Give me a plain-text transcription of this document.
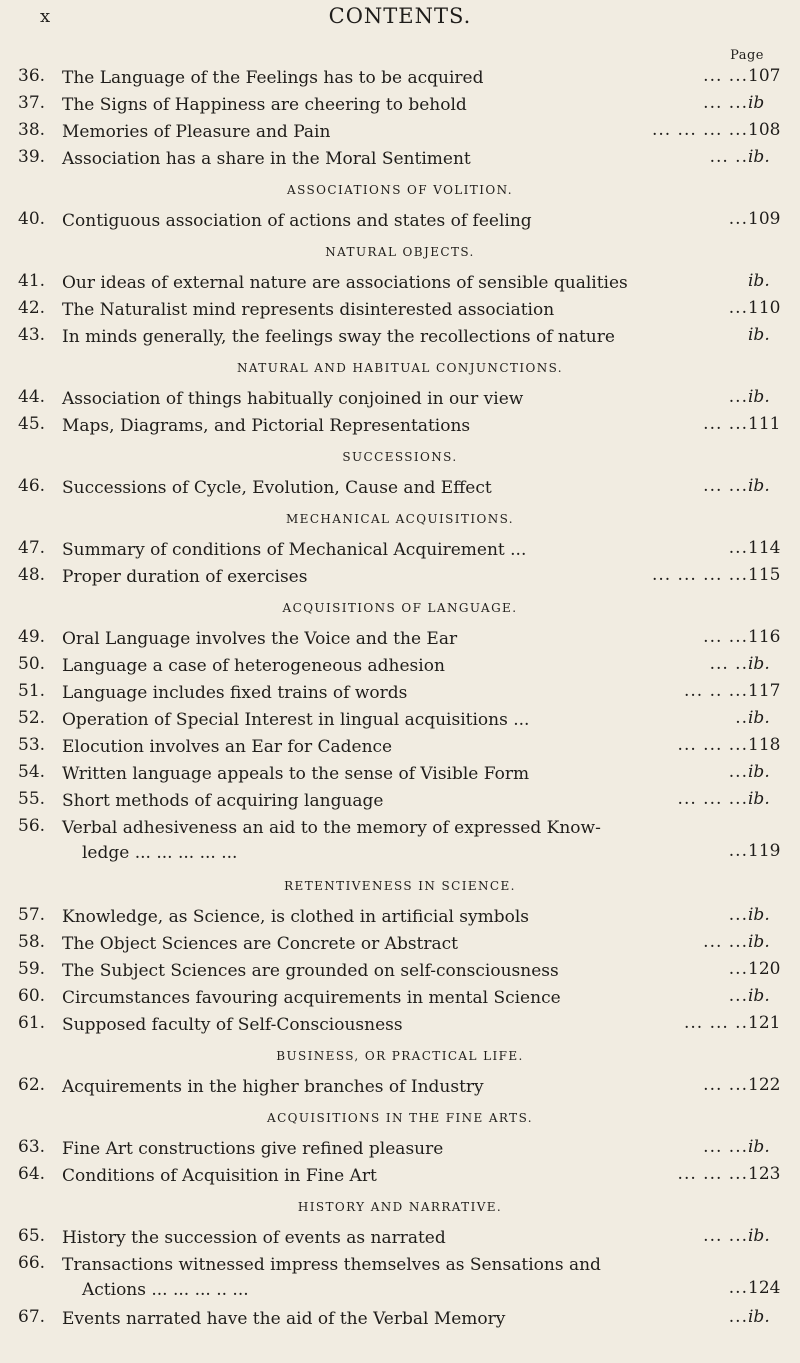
x	CONTENTS.
Page
36. The Language of the Feelings has to be acquired	... ... 107
37. The Signs of Happiness are cheering to behold	... ... ib
38. Memories of Pleasure and Pain	... ... ... ... 108
39. Association has a share in the Moral Sentiment	... .. ib.
ASSOCIATIONS OF VOLITION.
40. Contiguous association of actions and states of feeling	... 109
NATURAL OBJECTS.
41. Our ideas of external nature are associations of sensible qualities	ib.
42. The Naturalist mind represents disinterested association	... 110
43. In minds generally, the feelings sway the recollections of nature	ib.
NATURAL AND HABITUAL CONJUNCTIONS.
44. Association of things habitually conjoined in our view	... ib.
45. Maps, Diagrams, and Pictorial Representations	... ... 111
SUCCESSIONS.
46. Successions of Cycle, Evolution, Cause and Effect	... ... ib.
MECHANICAL ACQUISITIONS.
47. Summary of conditions of Mechanical Acquirement ...	... 114
48. Proper duration of exercises	... ... ... ... 115
ACQUISITIONS OF LANGUAGE.
49. Oral Language involves the Voice and the Ear	... ... 116
50. Language a case of heterogeneous adhesion	... .. ib.
51. Language includes fixed trains of words	... .. ... 117
52. Operation of Special Interest in lingual acquisitions ...	.. ib.
53. Elocution involves an Ear for Cadence	... ... ... 118
54. Written language appeals to the sense of Visible Form	... ib.
55. Short methods of acquiring language	... ... ... ib.
56. Verbal adhesiveness an aid to the memory of expressed Know-
ledge ... ... ... ... ...	... 119
RETENTIVENESS IN SCIENCE.
57. Knowledge, as Science, is clothed in artificial symbols	... ib.
58. The Object Sciences are Concrete or Abstract	... ... ib.
59. The Subject Sciences are grounded on self-consciousness	... 120
60. Circumstances favouring acquirements in mental Science	... ib.
61. Supposed faculty of Self-Consciousness	... ... .. 121
BUSINESS, OR PRACTICAL LIFE.
62. Acquirements in the higher branches of Industry	... ... 122
ACQUISITIONS IN THE FINE ARTS.
63. Fine Art constructions give refined pleasure	... ... ib.
64. Conditions of Acquisition in Fine Art	... ... ... 123
HISTORY AND NARRATIVE.
65. History the succession of events as narrated	... ... ib.
66. Transactions witnessed impress themselves as Sensations and
Actions ... ... ... .. ...	... 124
67. Events narrated have the aid of the Verbal Memory	... ib.
